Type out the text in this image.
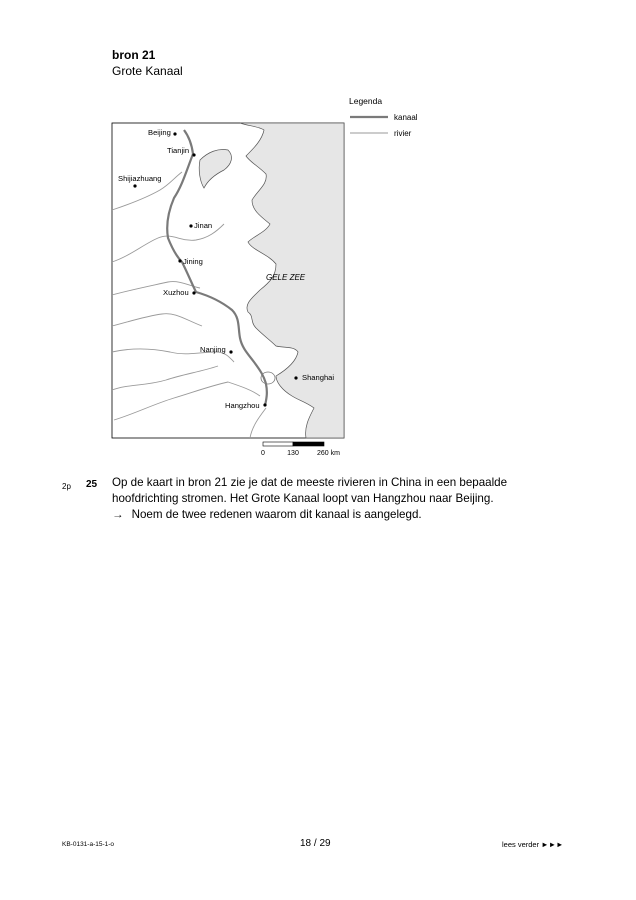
bron 21
Grote Kanaal
Beijing
Tianjin
Shijiazhuang
Jinan
Jining
Xuzhou
Nanjing
Shanghai
Hangzhou
GELE ZEE
Legenda
kanaal
rivier
0	130	260 km
2p 25 Op de kaart in bron 21 zie je dat de meeste rivieren in China in een bepaalde hoofdrichting stromen. Het Grote Kanaal loopt van Hangzhou naar Beijing.

→ Noem de twee redenen waarom dit kanaal is aangelegd.
KB-0131-a-15-1-o	18 / 29	lees verder ►►►
